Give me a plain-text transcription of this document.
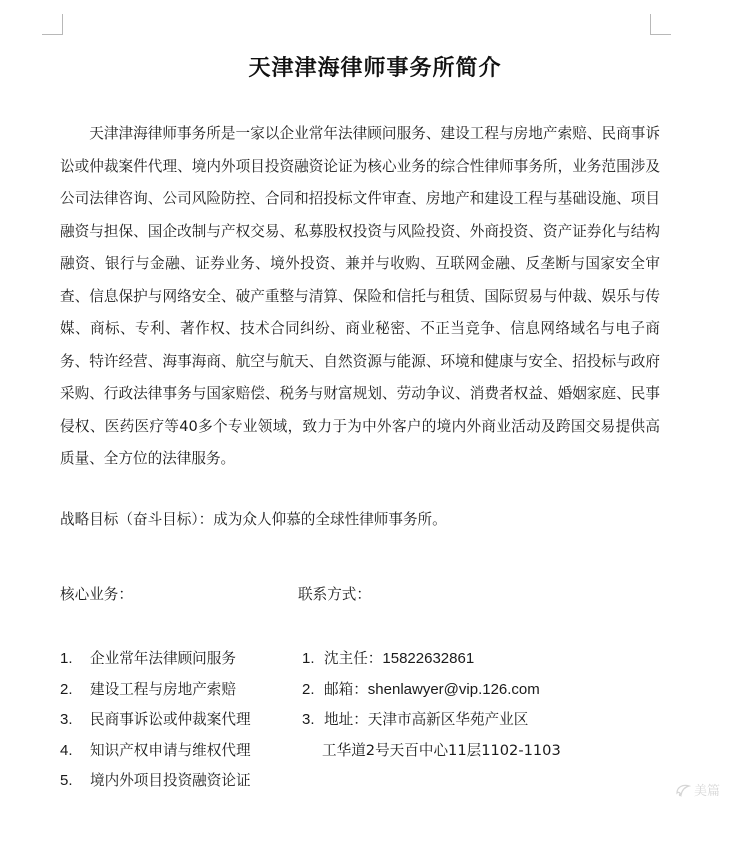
天津津海律师事务所简介

天津津海律师事务所是一家以企业常年法律顾问服务、建设工程与房地产索赔、民商事诉讼或仲裁案件代理、境内外项目投资融资论证为核心业务的综合性律师事务所，业务范围涉及公司法律咨询、公司风险防控、合同和招投标文件审查、房地产和建设工程与基础设施、项目融资与担保、国企改制与产权交易、私募股权投资与风险投资、外商投资、资产证券化与结构融资、银行与金融、证券业务、境外投资、兼并与收购、互联网金融、反垄断与国家安全审查、信息保护与网络安全、破产重整与清算、保险和信托与租赁、国际贸易与仲裁、娱乐与传媒、商标、专利、著作权、技术合同纠纷、商业秘密、不正当竞争、信息网络域名与电子商务、特许经营、海事海商、航空与航天、自然资源与能源、环境和健康与安全、招投标与政府采购、行政法律事务与国家赔偿、税务与财富规划、劳动争议、消费者权益、婚姻家庭、民事侵权、医药医疗等40多个专业领域，致力于为中外客户的境内外商业活动及跨国交易提供高质量、全方位的法律服务。

战略目标（奋斗目标）：成为众人仰慕的全球性律师事务所。

核心业务：	联系方式：
1. 企业常年法律顾问服务
2. 建设工程与房地产索赔
3. 民商事诉讼或仲裁案代理
4. 知识产权申请与维权代理
5. 境内外项目投资融资论证
1. 沈主任：15822632861
2. 邮箱：shenlawyer@vip.126.com
3. 地址：天津市高新区华苑产业区
工华道2号天百中心11层1102-1103
美篇
